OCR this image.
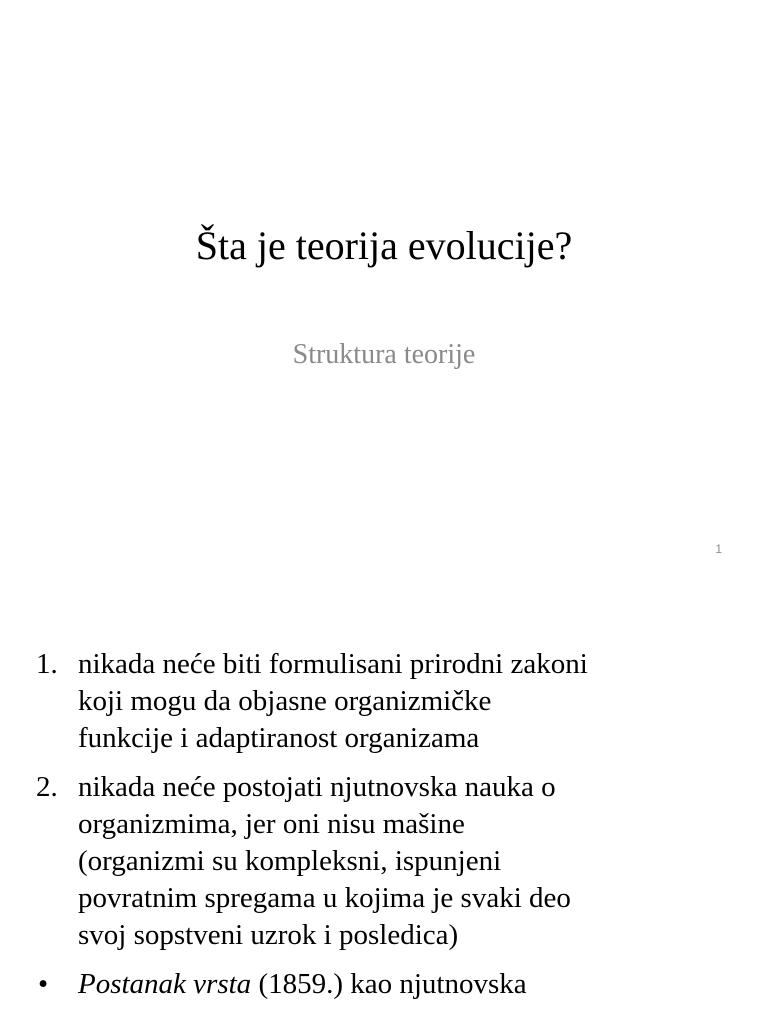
Šta je teorija evolucije?

Struktura teorije

1
1. nikada neće biti formulisani prirodni zakoni
koji mogu da objasne organizmičke
funkcije i adaptiranost organizama
2. nikada neće postojati njutnovska nauka o
organizmima, jer oni nisu mašine
(organizmi su kompleksni, ispunjeni
povratnim spregama u kojima je svaki deo
svoj sopstveni uzrok i posledica)
•	Postanak vrsta (1859.) kao njutnovska
